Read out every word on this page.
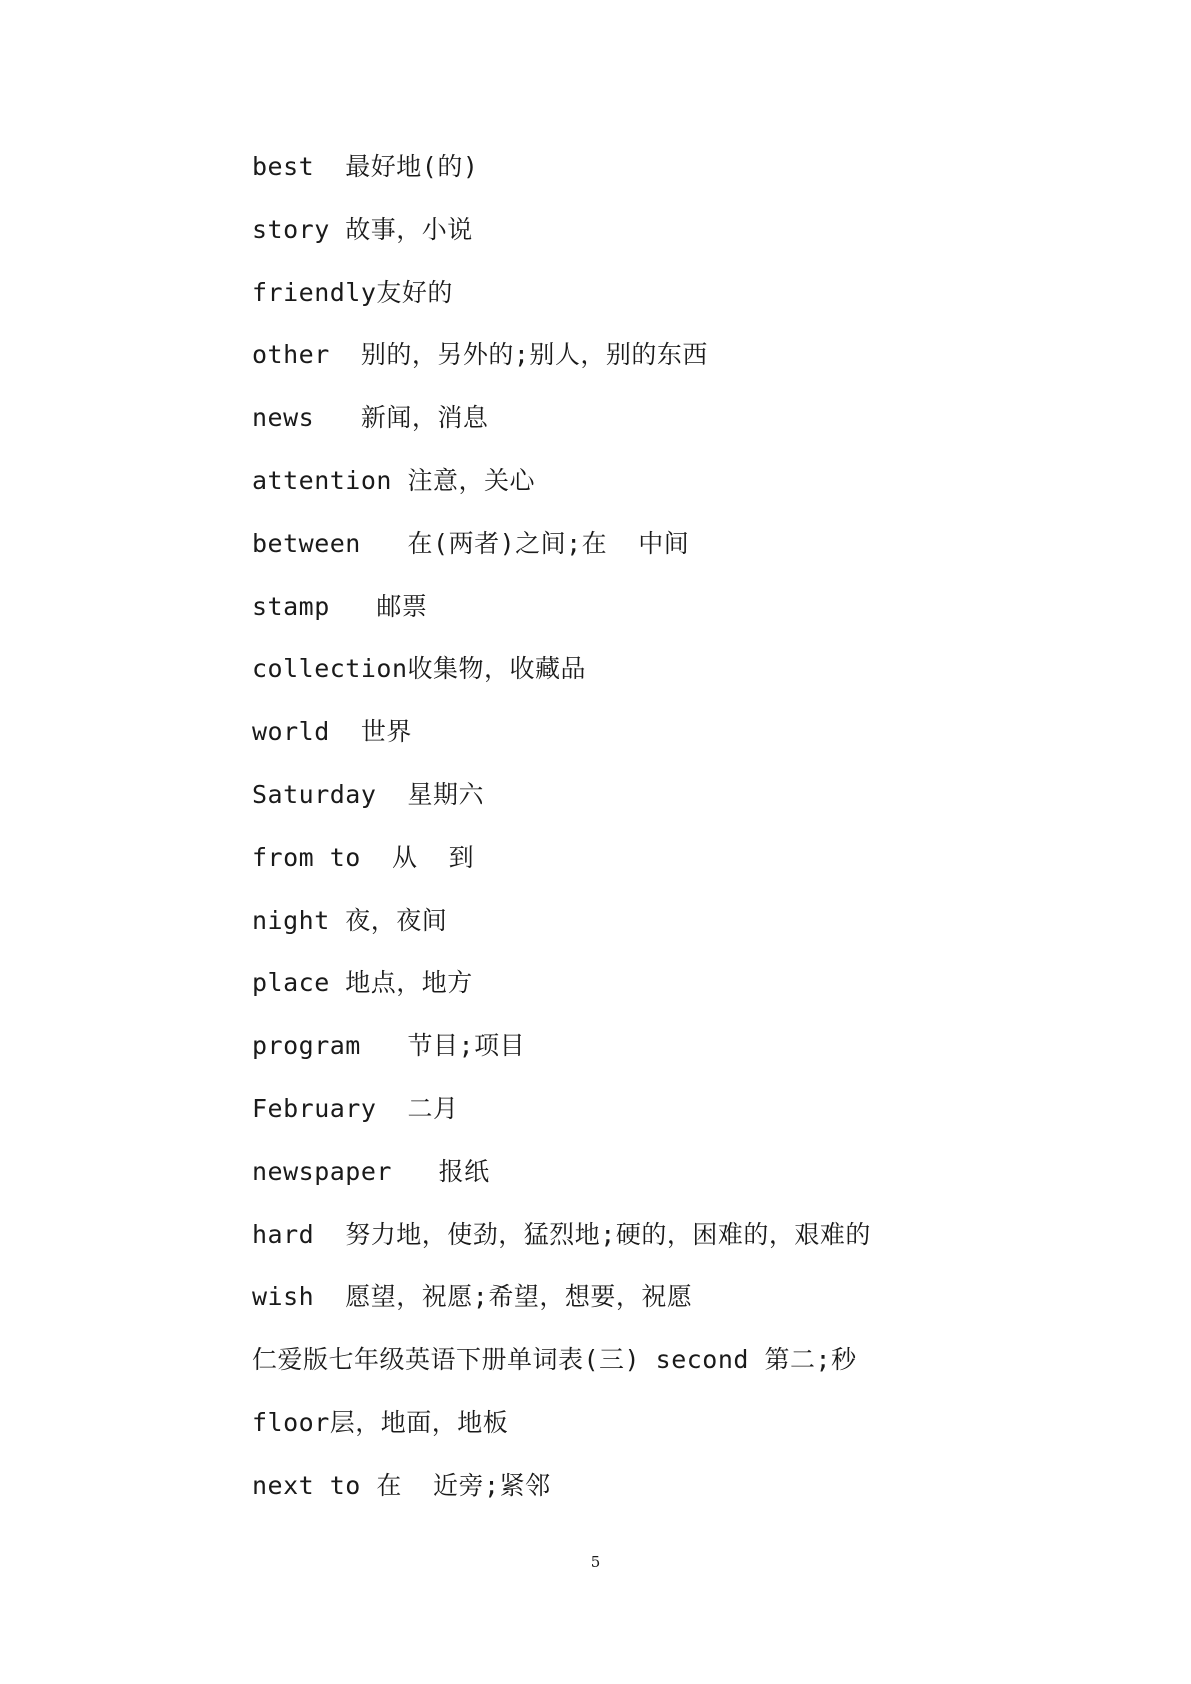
best  最好地(的)
story 故事，小说
friendly友好的
other  别的，另外的;别人，别的东西
news   新闻，消息
attention 注意，关心
between   在(两者)之间;在  中间
stamp   邮票
collection收集物，收藏品
world  世界
Saturday  星期六
from to  从  到
night 夜，夜间
place 地点，地方
program   节目;项目
February  二月
newspaper   报纸
hard  努力地，使劲，猛烈地;硬的，困难的，艰难的
wish  愿望，祝愿;希望，想要，祝愿
仁爱版七年级英语下册单词表(三) second 第二;秒
floor层，地面，地板
next to 在  近旁;紧邻
5
